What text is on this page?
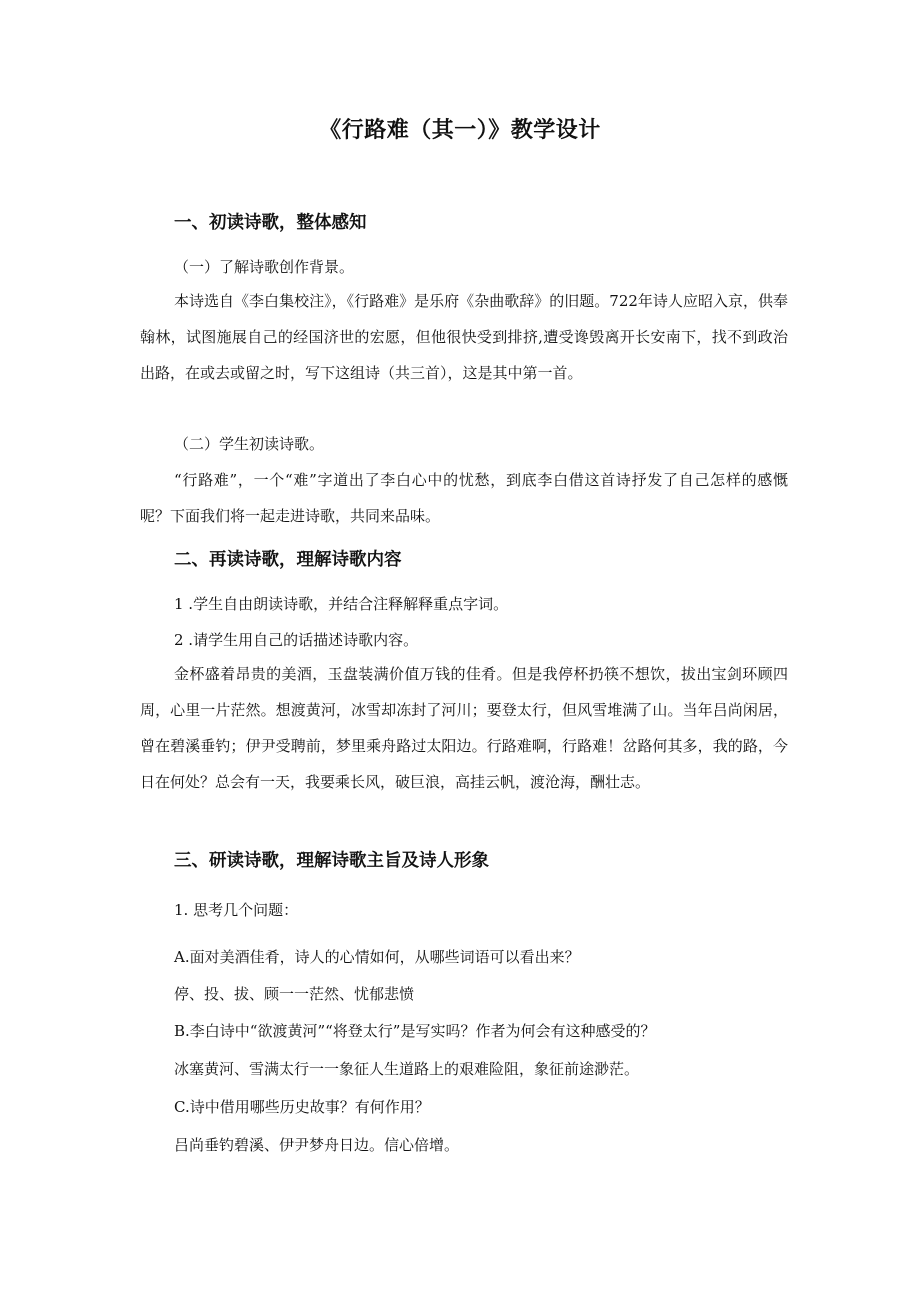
《行路难（其一）》教学设计
一、初读诗歌，整体感知
（一）了解诗歌创作背景。
本诗选自《李白集校注》，《行路难》是乐府《杂曲歌辞》的旧题。722年诗人应昭入京，供奉翰林，试图施展自己的经国济世的宏愿，但他很快受到排挤,遭受谗毁离开长安南下，找不到政治出路，在或去或留之时，写下这组诗（共三首），这是其中第一首。
（二）学生初读诗歌。
“行路难”，一个“难”字道出了李白心中的忧愁，到底李白借这首诗抒发了自己怎样的感慨呢？下面我们将一起走进诗歌，共同来品味。
二、再读诗歌，理解诗歌内容
1 .学生自由朗读诗歌，并结合注释解释重点字词。
2 .请学生用自己的话描述诗歌内容。
金杯盛着昂贵的美酒，玉盘装满价值万钱的佳肴。但是我停杯扔筷不想饮，拔出宝剑环顾四周，心里一片茫然。想渡黄河，冰雪却冻封了河川；要登太行，但风雪堆满了山。当年吕尚闲居，曾在碧溪垂钓；伊尹受聘前，梦里乘舟路过太阳边。行路难啊，行路难！岔路何其多，我的路，今日在何处？总会有一天，我要乘长风，破巨浪，高挂云帆，渡沧海，酬壮志。
三、研读诗歌，理解诗歌主旨及诗人形象
1. 思考几个问题：
A.面对美酒佳肴，诗人的心情如何，从哪些词语可以看出来？
停、投、拔、顾一一茫然、忧郁悲愤
B.李白诗中“欲渡黄河”“将登太行”是写实吗？作者为何会有这种感受的？
冰塞黄河、雪满太行一一象征人生道路上的艰难险阻，象征前途渺茫。
C.诗中借用哪些历史故事？有何作用？
吕尚垂钓碧溪、伊尹梦舟日边。信心倍增。
